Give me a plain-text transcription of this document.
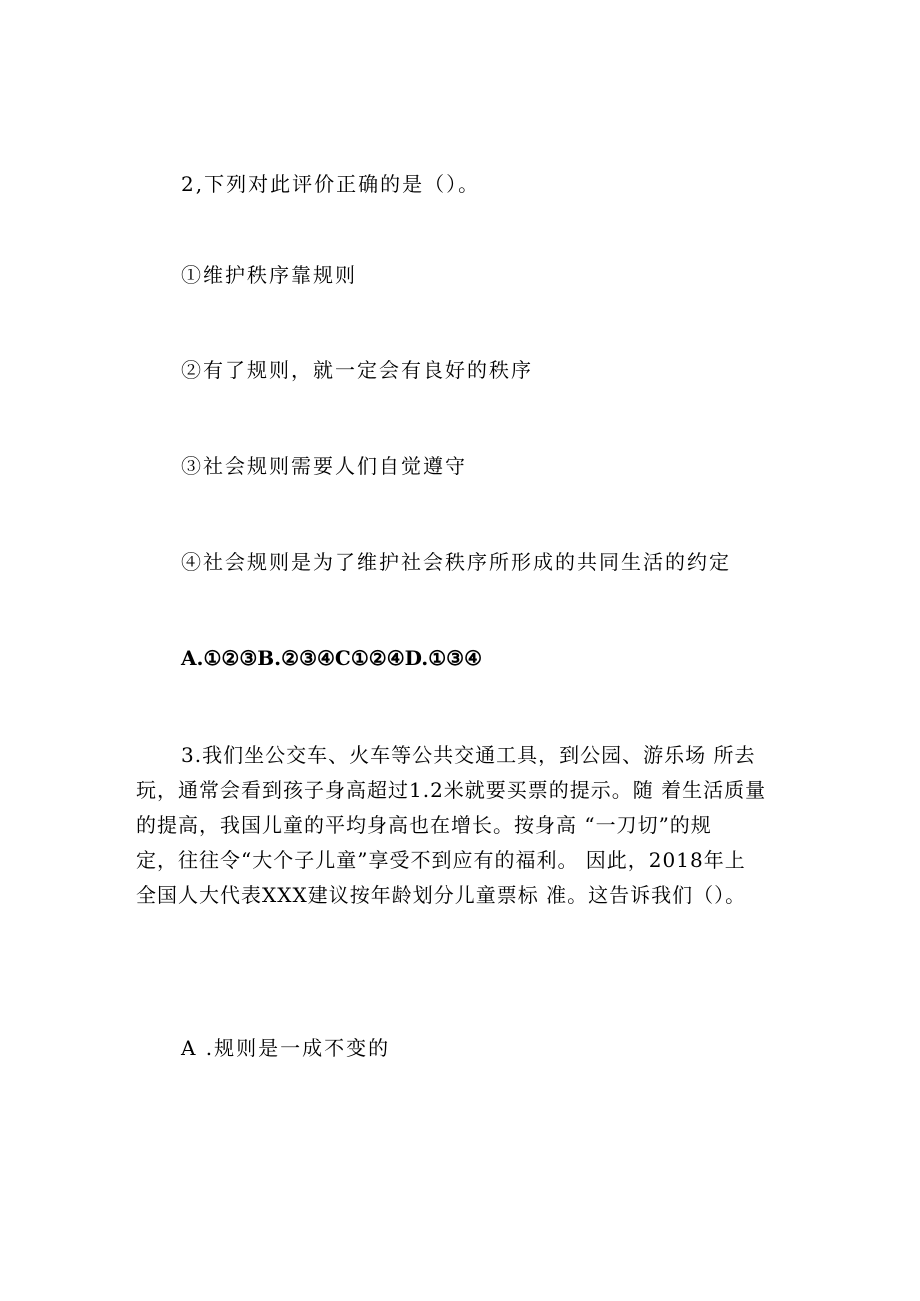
2,下列对此评价正确的是（）。
①维护秩序靠规则
②有了规则，就一定会有良好的秩序
③社会规则需要人们自觉遵守
④社会规则是为了维护社会秩序所形成的共同生活的约定
A.①②③B.②③④C①②④D.①③④
3.我们坐公交车、火车等公共交通工具，到公园、游乐场 所去
玩，通常会看到孩子身高超过1.2米就要买票的提示。随 着生活质量
的提高，我国儿童的平均身高也在增长。按身高 “一刀切”的规
定，往往令“大个子儿童”享受不到应有的福利。 因此，2018年上
全国人大代表XXX建议按年龄划分儿童票标 准。这告诉我们（）。
A .规则是一成不变的
